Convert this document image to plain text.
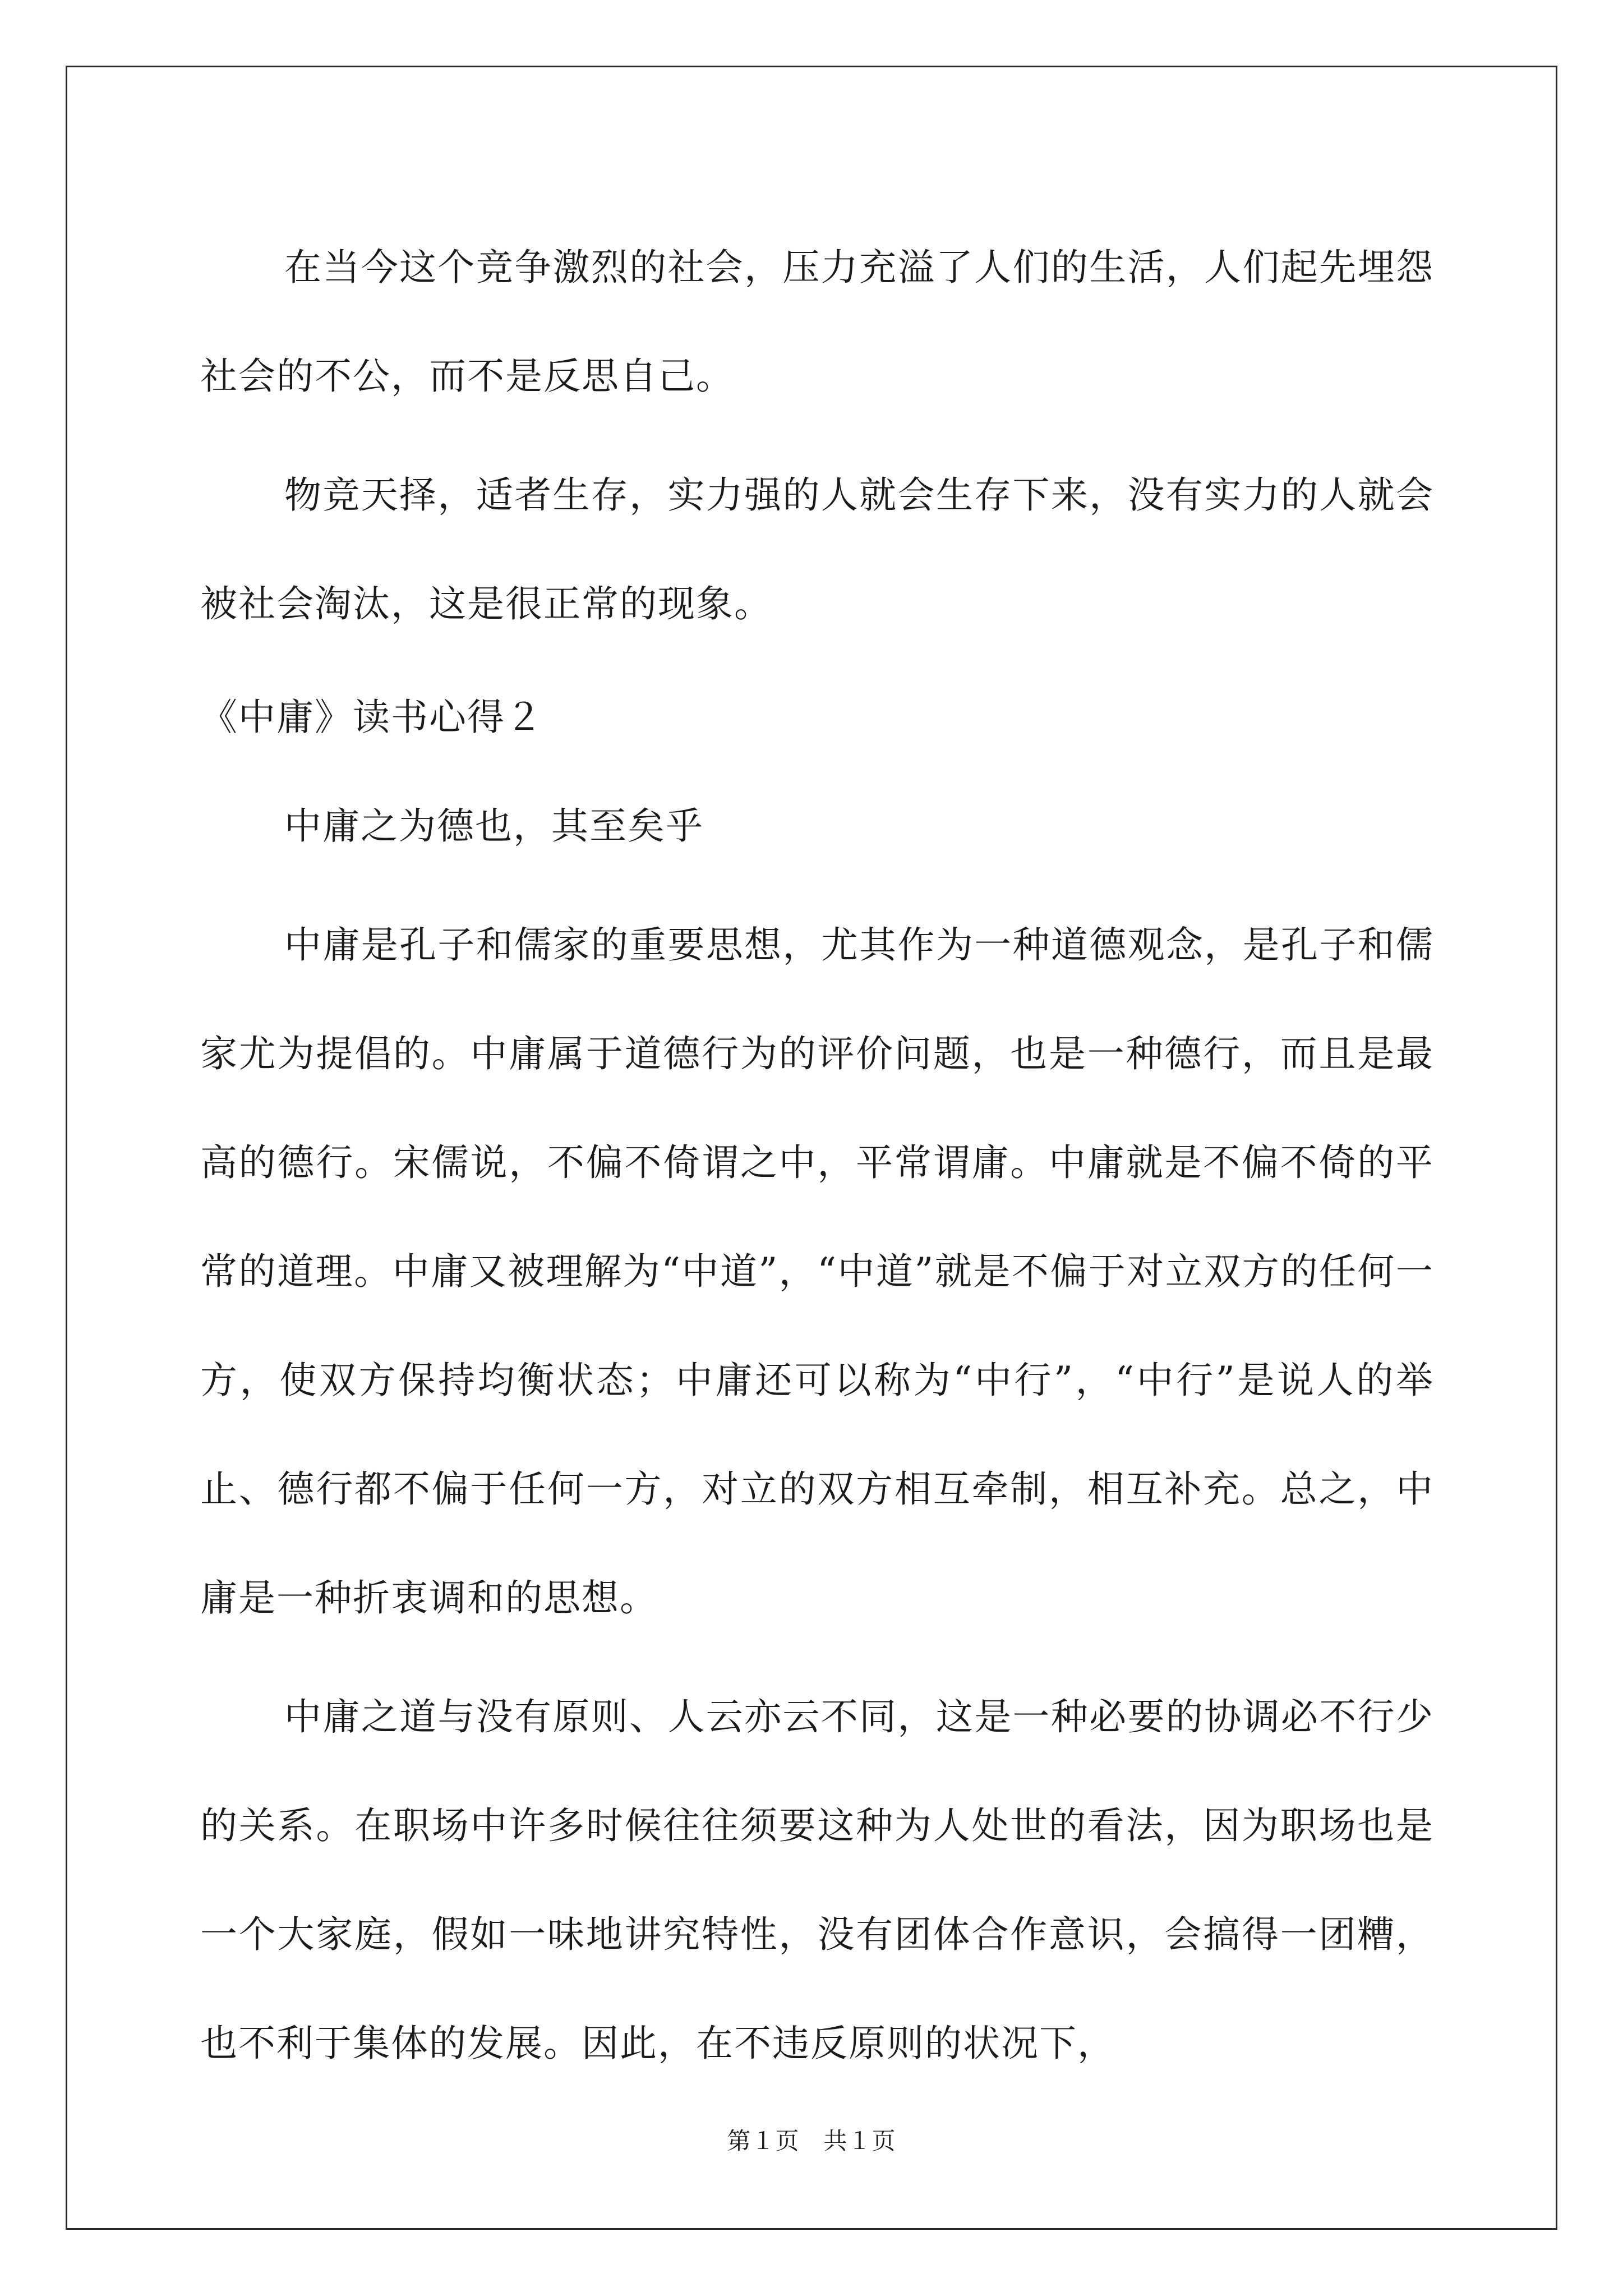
在当今这个竞争激烈的社会，压力充溢了人们的生活，人们起先埋怨社会的不公，而不是反思自己。

物竞天择，适者生存，实力强的人就会生存下来，没有实力的人就会被社会淘汰，这是很正常的现象。

《中庸》读书心得２

中庸之为德也，其至矣乎

中庸是孔子和儒家的重要思想，尤其作为一种道德观念，是孔子和儒家尤为提倡的。中庸属于道德行为的评价问题，也是一种德行，而且是最高的德行。宋儒说，不偏不倚谓之中，平常谓庸。中庸就是不偏不倚的平常的道理。中庸又被理解为“中道”，“中道”就是不偏于对立双方的任何一方，使双方保持均衡状态；中庸还可以称为“中行”，“中行”是说人的举止、德行都不偏于任何一方，对立的双方相互牵制，相互补充。总之，中庸是一种折衷调和的思想。

中庸之道与没有原则、人云亦云不同，这是一种必要的协调必不行少的关系。在职场中许多时候往往须要这种为人处世的看法，因为职场也是一个大家庭，假如一味地讲究特性，没有团体合作意识，会搞得一团糟，也不利于集体的发展。因此，在不违反原则的状况下，

第１页　共１页
